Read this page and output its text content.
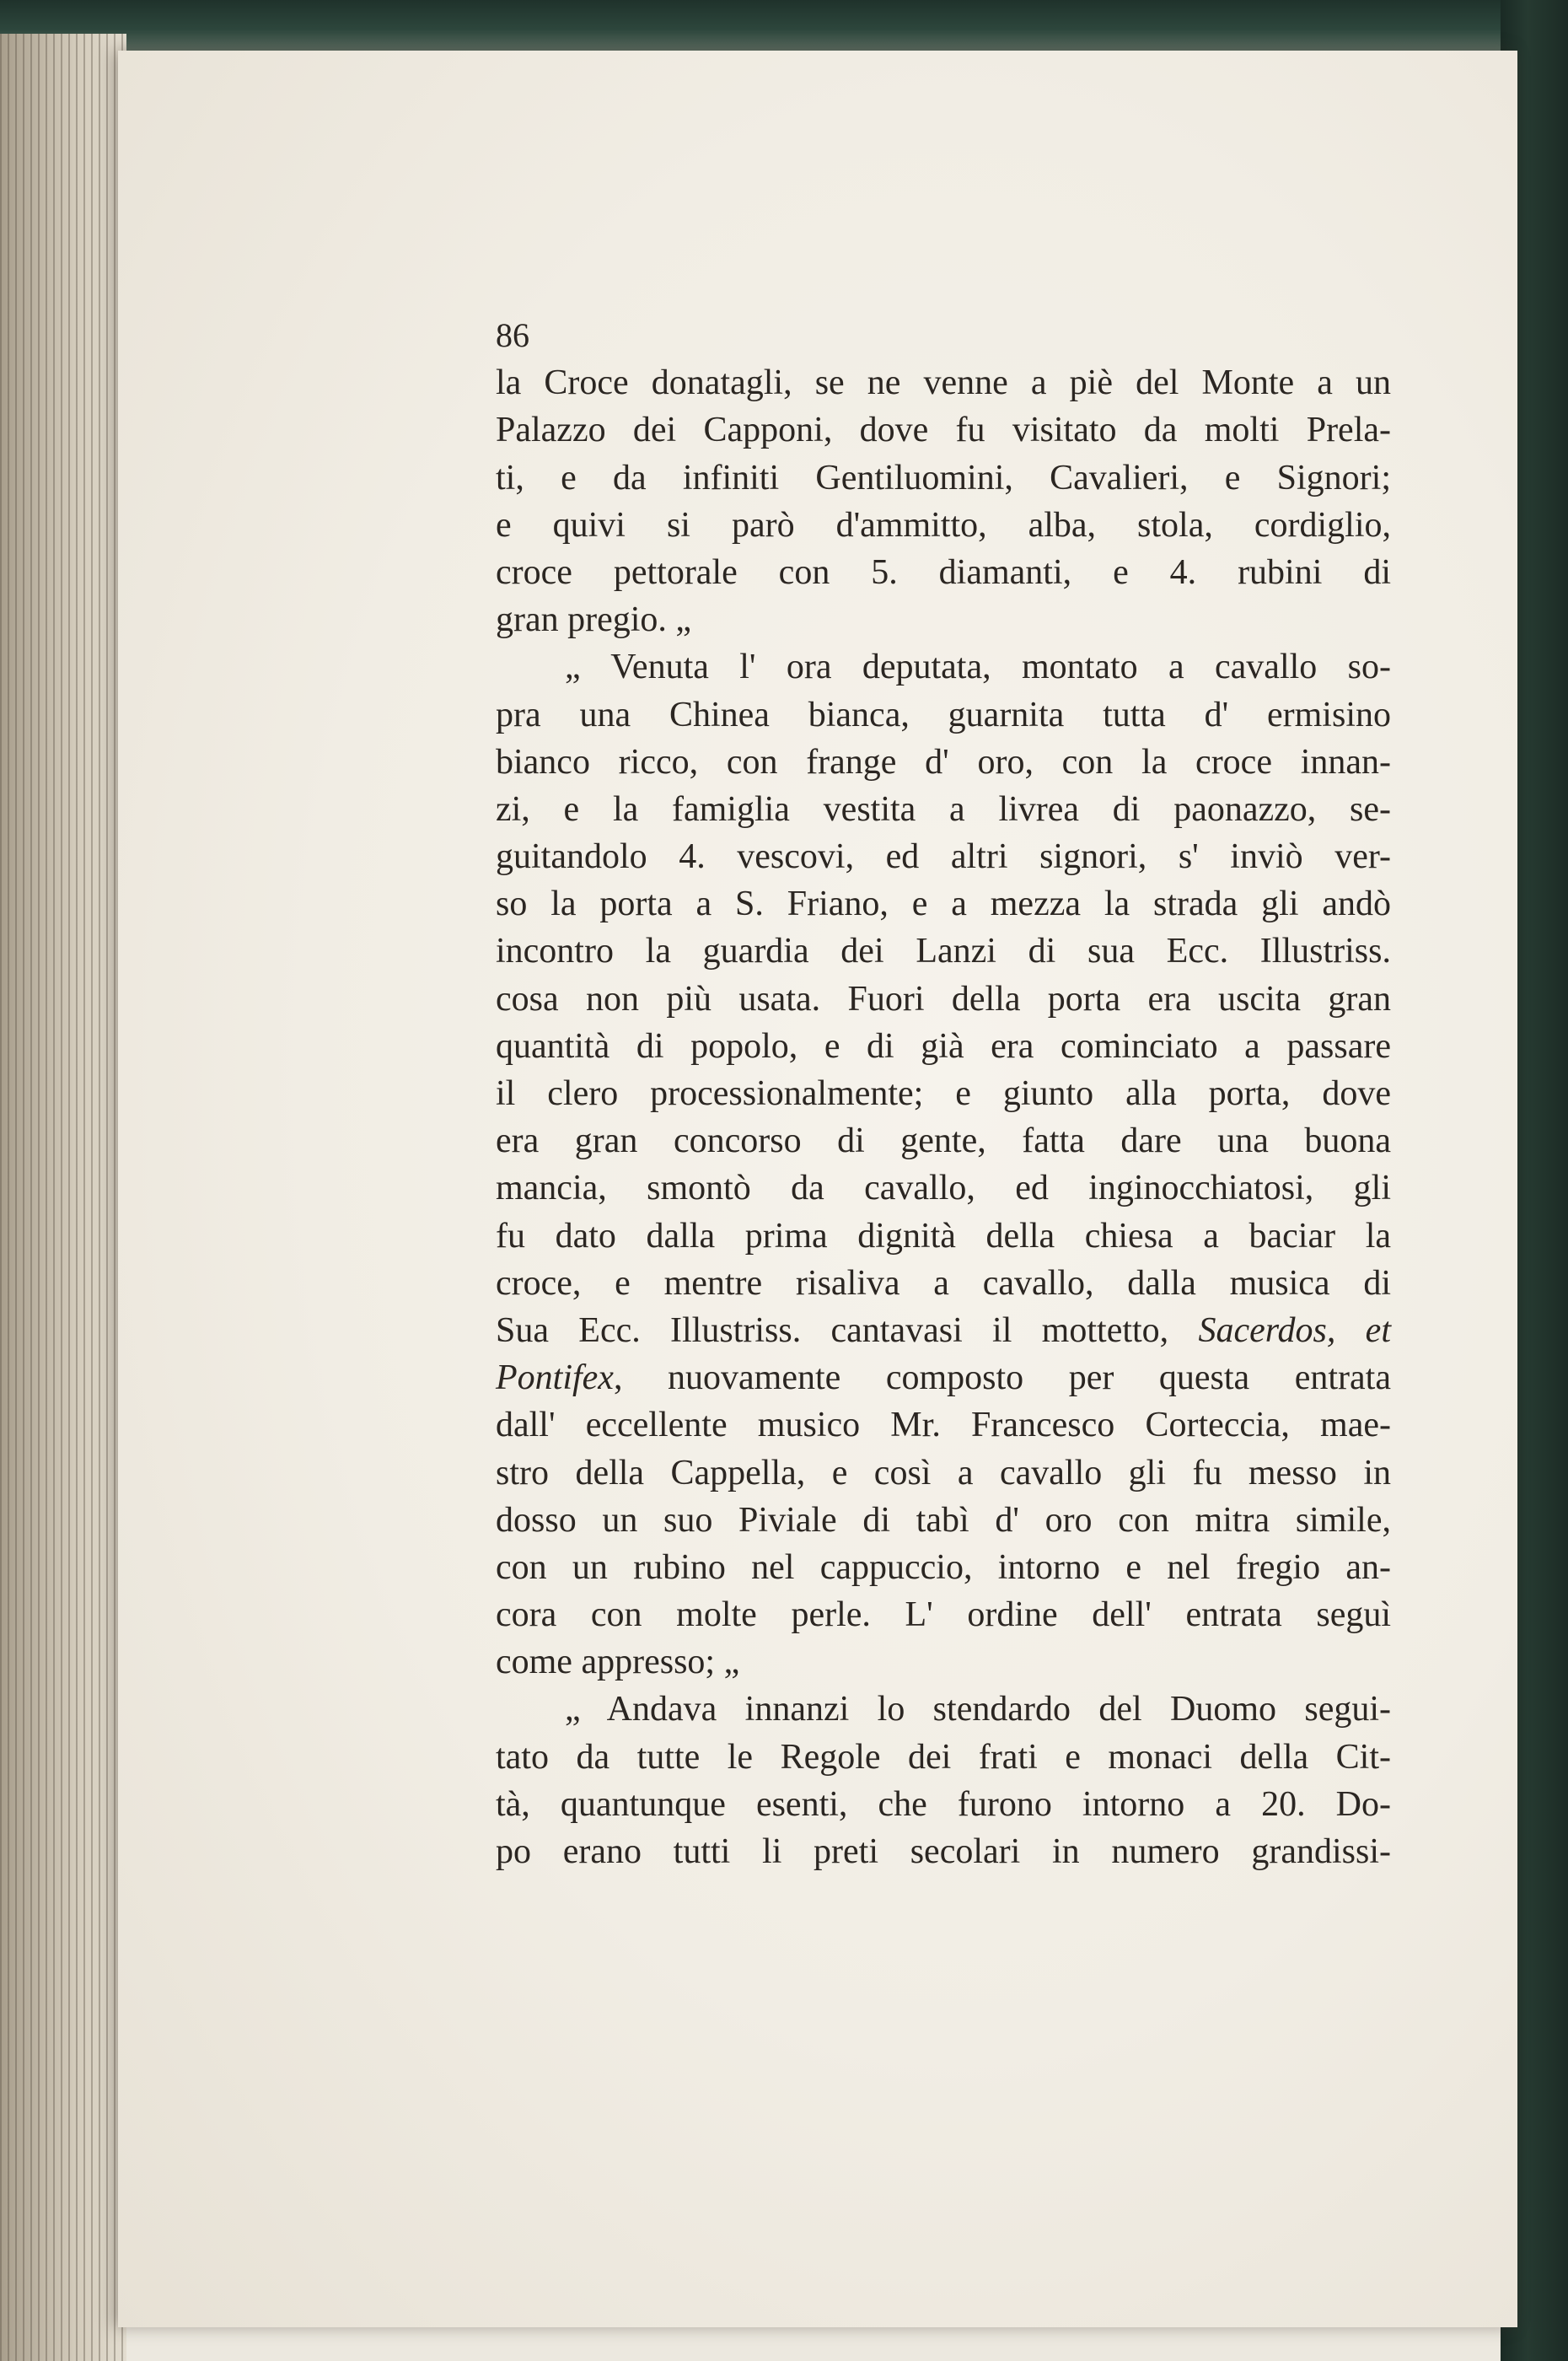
86
la Croce donatagli, se ne venne a piè del Monte a un
Palazzo dei Capponi, dove fu visitato da molti Prela-
ti, e da infiniti Gentiluomini, Cavalieri, e Signori;
e quivi si parò d'ammitto, alba, stola, cordiglio,
croce pettorale con 5. diamanti, e 4. rubini di
gran pregio. „
„ Venuta l' ora deputata, montato a cavallo so-
pra una Chinea bianca, guarnita tutta d' ermisino
bianco ricco, con frange d' oro, con la croce innan-
zi, e la famiglia vestita a livrea di paonazzo, se-
guitandolo 4. vescovi, ed altri signori, s' inviò ver-
so la porta a S. Friano, e a mezza la strada gli andò
incontro la guardia dei Lanzi di sua Ecc. Illustriss.
cosa non più usata. Fuori della porta era uscita gran
quantità di popolo, e di già era cominciato a passare
il clero processionalmente; e giunto alla porta, dove
era gran concorso di gente, fatta dare una buona
mancia, smontò da cavallo, ed inginocchiatosi, gli
fu dato dalla prima dignità della chiesa a baciar la
croce, e mentre risaliva a cavallo, dalla musica di
Sua Ecc. Illustriss. cantavasi il mottetto, Sacerdos, et
Pontifex, nuovamente composto per questa entrata
dall' eccellente musico Mr. Francesco Corteccia, mae-
stro della Cappella, e così a cavallo gli fu messo in
dosso un suo Piviale di tabì d' oro con mitra simile,
con un rubino nel cappuccio, intorno e nel fregio an-
cora con molte perle. L' ordine dell' entrata seguì
come appresso; „
„ Andava innanzi lo stendardo del Duomo segui-
tato da tutte le Regole dei frati e monaci della Cit-
tà, quantunque esenti, che furono intorno a 20. Do-
po erano tutti li preti secolari in numero grandissi-
